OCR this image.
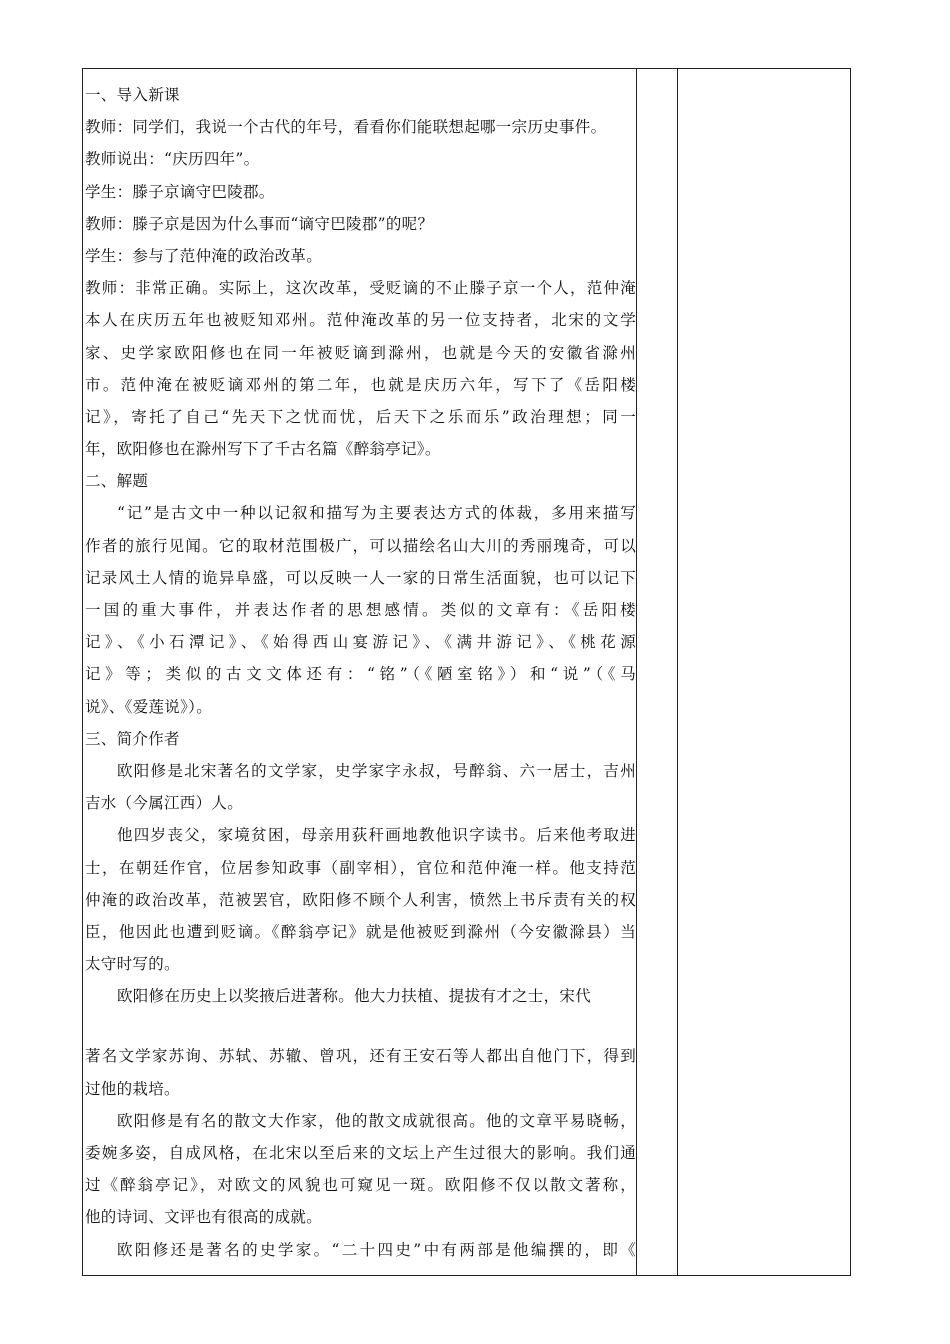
一、导入新课
教师：同学们，我说一个古代的年号，看看你们能联想起哪一宗历史事件。
教师说出：“庆历四年”。
学生：滕子京谪守巴陵郡。
教师：滕子京是因为什么事而“谪守巴陵郡”的呢？
学生：参与了范仲淹的政治改革。
教师：非常正确。实际上，这次改革，受贬谪的不止滕子京一个人，范仲淹
本人在庆历五年也被贬知邓州。范仲淹改革的另一位支持者，北宋的文学
家、史学家欧阳修也在同一年被贬谪到滁州，也就是今天的安徽省滁州
市。范仲淹在被贬谪邓州的第二年，也就是庆历六年，写下了《岳阳楼
记》，寄托了自己“先天下之忧而忧，后天下之乐而乐”政治理想；同一
年，欧阳修也在滁州写下了千古名篇《醉翁亭记》。
二、解题
“记”是古文中一种以记叙和描写为主要表达方式的体裁，多用来描写
作者的旅行见闻。它的取材范围极广，可以描绘名山大川的秀丽瑰奇，可以
记录风土人情的诡异阜盛，可以反映一人一家的日常生活面貌，也可以记下
一国的重大事件，并表达作者的思想感情。类似的文章有：《岳阳楼
记》、《小石潭记》、《始得西山宴游记》、《满井游记》、《桃花源
记》等；类似的古文文体还有：“铭”（《陋室铭》）和“说”（《马
说》、《爱莲说》）。
三、简介作者
欧阳修是北宋著名的文学家，史学家字永叔，号醉翁、六一居士，吉州
吉水（今属江西）人。
他四岁丧父，家境贫困，母亲用荻秆画地教他识字读书。后来他考取进
士，在朝廷作官，位居参知政事（副宰相），官位和范仲淹一样。他支持范
仲淹的政治改革，范被罢官，欧阳修不顾个人利害，愤然上书斥责有关的权
臣，他因此也遭到贬谪。《醉翁亭记》就是他被贬到滁州（今安徽滁县）当
太守时写的。
欧阳修在历史上以奖掖后进著称。他大力扶植、提拔有才之士，宋代
著名文学家苏询、苏轼、苏辙、曾巩，还有王安石等人都出自他门下，得到
过他的栽培。
欧阳修是有名的散文大作家，他的散文成就很高。他的文章平易晓畅，
委婉多姿，自成风格，在北宋以至后来的文坛上产生过很大的影响。我们通
过《醉翁亭记》，对欧文的风貌也可窥见一斑。欧阳修不仅以散文著称，
他的诗词、文评也有很高的成就。
欧阳修还是著名的史学家。“二十四史”中有两部是他编撰的，即《
